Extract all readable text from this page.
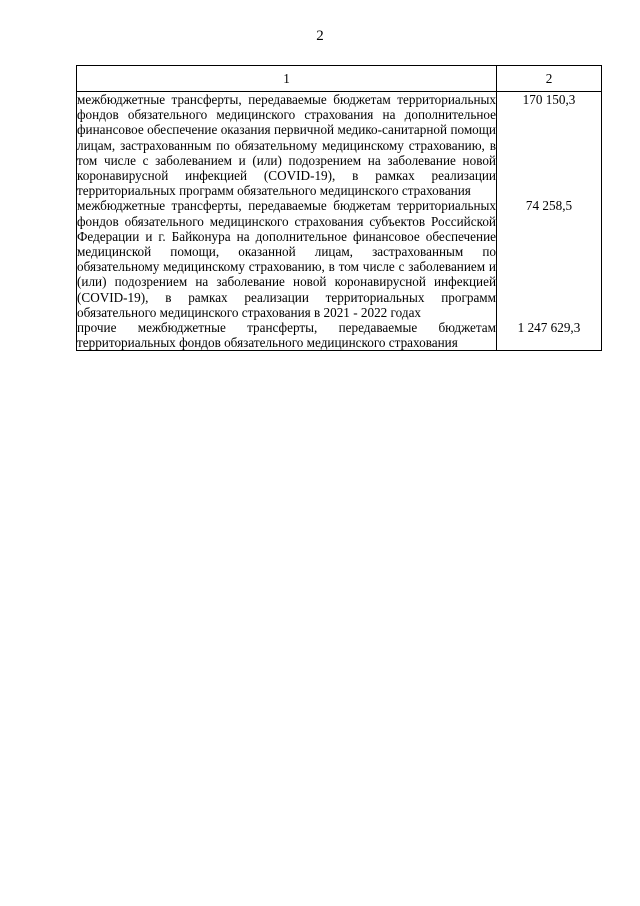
2
1	2
межбюджетные трансферты, передаваемые бюджетам территориальных фондов обязательного медицинского страхования на дополнительное финансовое обеспечение оказания первичной медико-санитарной помощи лицам, застрахованным по обязательному медицинскому страхованию, в том числе с заболеванием и (или) подозрением на заболевание новой коронавирусной инфекцией (COVID-19), в рамках реализации территориальных программ обязательного медицинского страхования	170 150,3
межбюджетные трансферты, передаваемые бюджетам территориальных фондов обязательного медицинского страхования субъектов Российской Федерации и г. Байконура на дополнительное финансовое обеспечение медицинской помощи, оказанной лицам, застрахованным по обязательному медицинскому страхованию, в том числе с заболеванием и (или) подозрением на заболевание новой коронавирусной инфекцией (COVID-19), в рамках реализации территориальных программ обязательного медицинского страхования в 2021 - 2022 годах	74 258,5
прочие межбюджетные трансферты, передаваемые бюджетам территориальных фондов обязательного медицинского страхования	1 247 629,3
